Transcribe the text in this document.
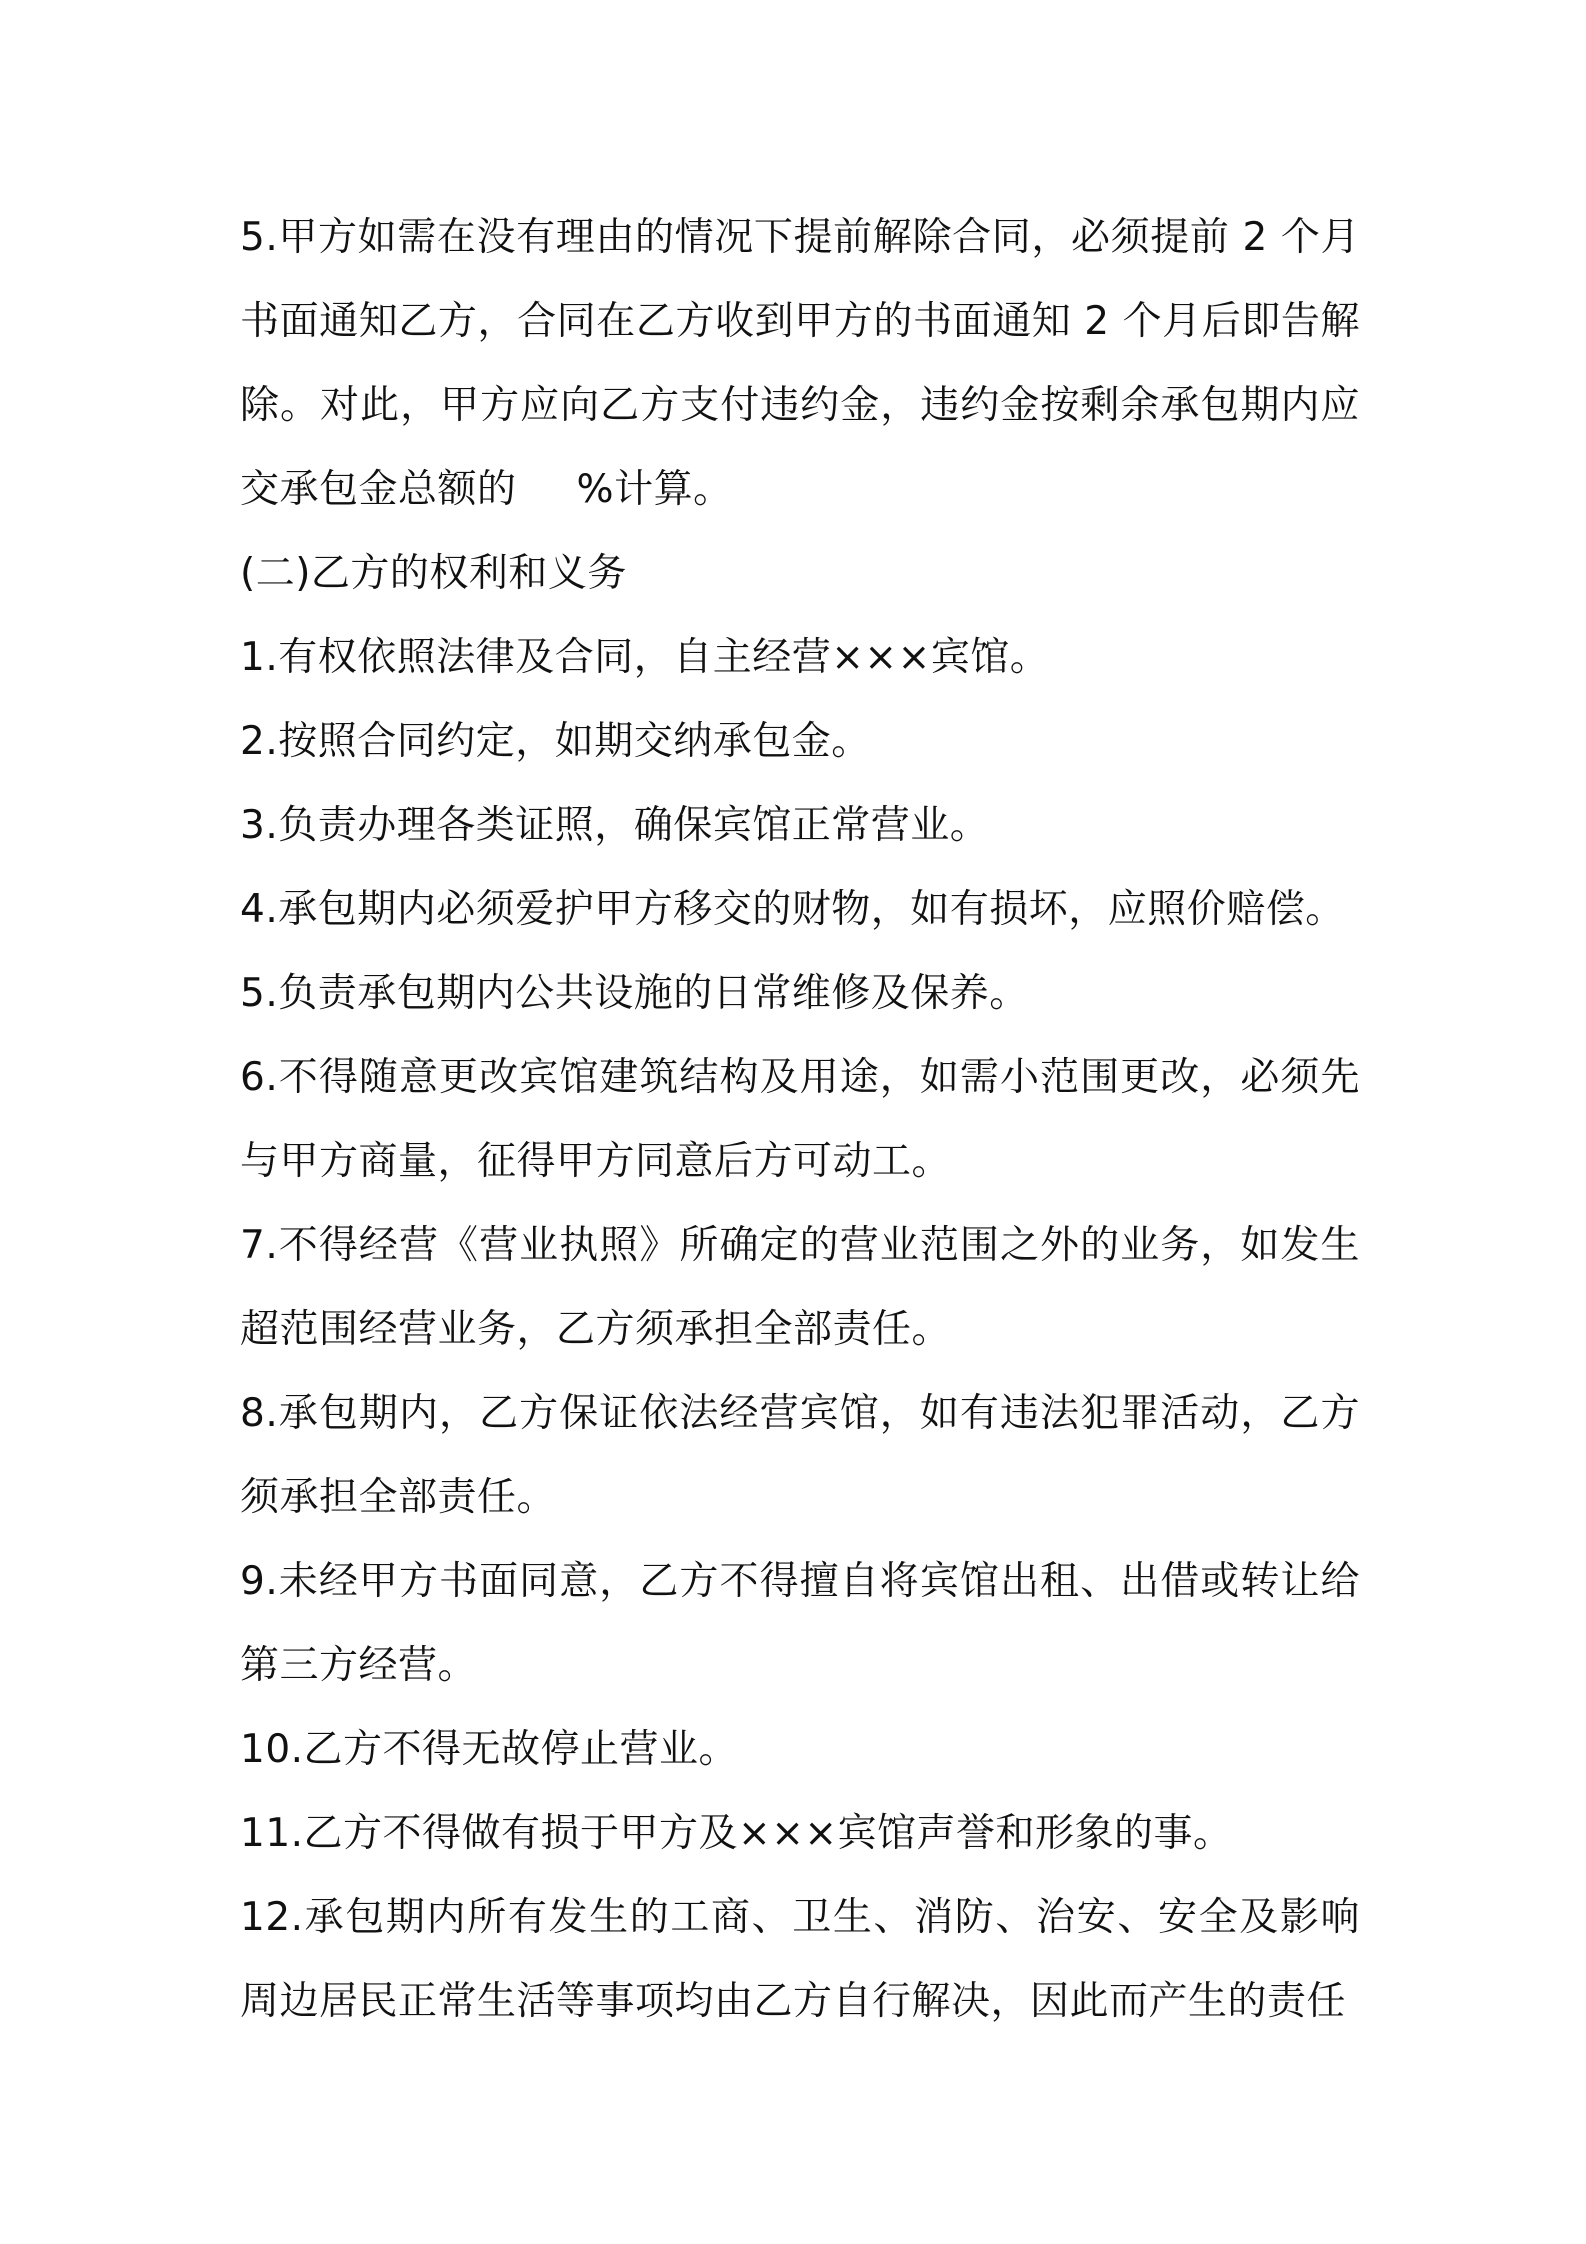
5.甲方如需在没有理由的情况下提前解除合同，必须提前 2 个月书面通知乙方，合同在乙方收到甲方的书面通知 2 个月后即告解除。对此，甲方应向乙方支付违约金，违约金按剩余承包期内应交承包金总额的 %计算。

(二)乙方的权利和义务

1.有权依照法律及合同，自主经营×××宾馆。

2.按照合同约定，如期交纳承包金。

3.负责办理各类证照，确保宾馆正常营业。

4.承包期内必须爱护甲方移交的财物，如有损坏，应照价赔偿。

5.负责承包期内公共设施的日常维修及保养。

6.不得随意更改宾馆建筑结构及用途，如需小范围更改，必须先与甲方商量，征得甲方同意后方可动工。

7.不得经营《营业执照》所确定的营业范围之外的业务，如发生超范围经营业务，乙方须承担全部责任。

8.承包期内，乙方保证依法经营宾馆，如有违法犯罪活动，乙方须承担全部责任。

9.未经甲方书面同意，乙方不得擅自将宾馆出租、出借或转让给第三方经营。

10.乙方不得无故停止营业。

11.乙方不得做有损于甲方及×××宾馆声誉和形象的事。

12.承包期内所有发生的工商、卫生、消防、治安、安全及影响周边居民正常生活等事项均由乙方自行解决，因此而产生的责任
